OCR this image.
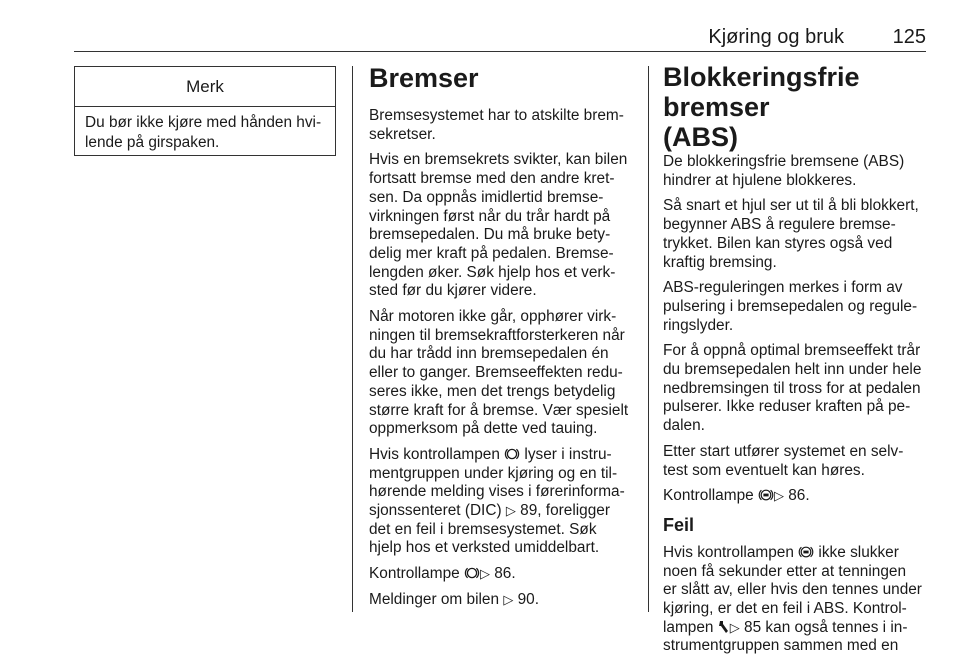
Kjøring og bruk 125
Merk
Du bør ikke kjøre med hånden hvi-
lende på girspaken.
Bremser

Bremsesystemet har to atskilte brem-
sekretser.

Hvis en bremsekrets svikter, kan bilen
fortsatt bremse med den andre kret-
sen. Da oppnås imidlertid bremse-
virkningen først når du trår hardt på
bremsepedalen. Du må bruke bety-
delig mer kraft på pedalen. Bremse-
lengden øker. Søk hjelp hos et verk-
sted før du kjører videre.

Når motoren ikke går, opphører virk-
ningen til bremsekraftforsterkeren når
du har trådd inn bremsepedalen én
eller to ganger. Bremseeffekten redu-
seres ikke, men det trengs betydelig
større kraft for å bremse. Vær spesielt
oppmerksom på dette ved tauing.

Hvis kontrollampen  lyser i instru-
mentgruppen under kjøring og en til-
hørende melding vises i førerinforma-
sjonssenteret (DIC) ▷ 89, foreligger
det en feil i bremsesystemet. Søk
hjelp hos et verksted umiddelbart.

Kontrollampe ▷ 86.

Meldinger om bilen ▷ 90.

Blokkeringsfrie bremser
(ABS)

De blokkeringsfrie bremsene (ABS)
hindrer at hjulene blokkeres.

Så snart et hjul ser ut til å bli blokkert,
begynner ABS å regulere bremse-
trykket. Bilen kan styres også ved
kraftig bremsing.

ABS-reguleringen merkes i form av
pulsering i bremsepedalen og regule-
ringslyder.

For å oppnå optimal bremseeffekt trår
du bremsepedalen helt inn under hele
nedbremsingen til tross for at pedalen
pulserer. Ikke reduser kraften på pe-
dalen.

Etter start utfører systemet en selv-
test som eventuelt kan høres.

Kontrollampe ▷ 86.

Feil

Hvis kontrollampen  ikke slukker
noen få sekunder etter at tenningen
er slått av, eller hvis den tennes under
kjøring, er det en feil i ABS. Kontrol-
lampen ▷ 85 kan også tennes i in-
strumentgruppen sammen med en
